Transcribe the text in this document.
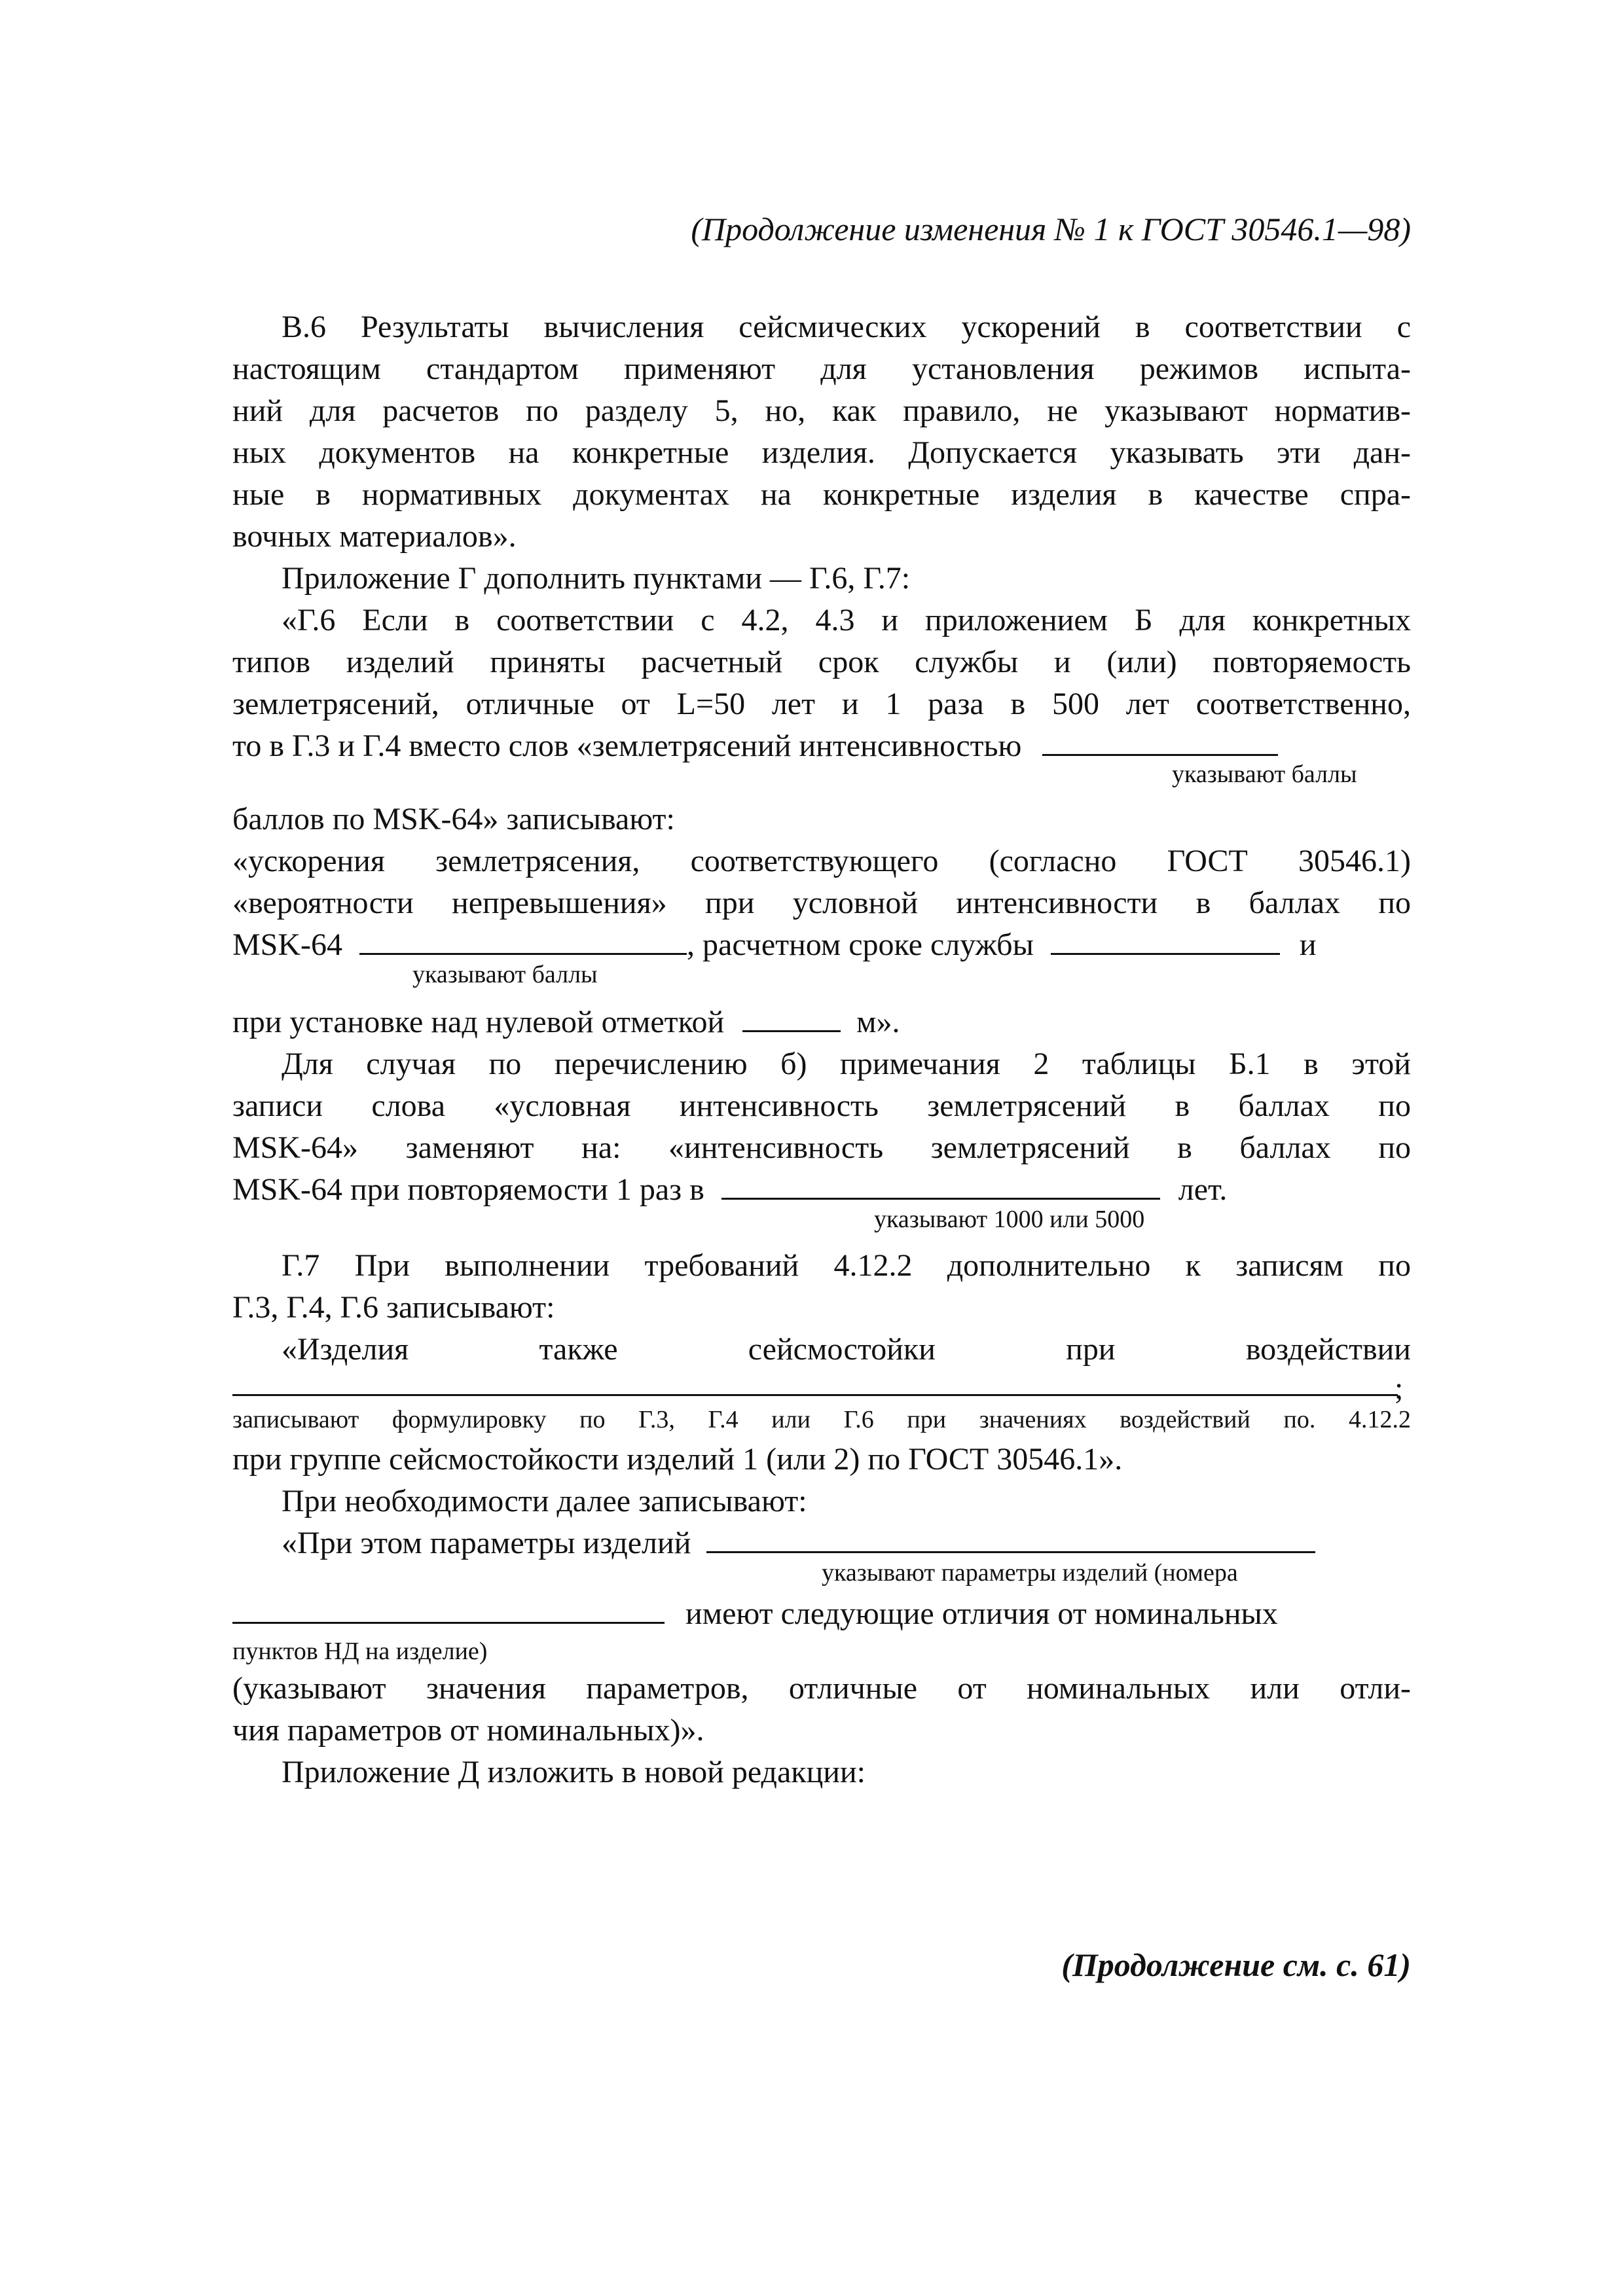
(Продолжение изменения № 1 к ГОСТ 30546.1—98)
В.6 Результаты вычисления сейсмических ускорений в соответствии с
настоящим стандартом применяют для установления режимов испыта-
ний для расчетов по разделу 5, но, как правило, не указывают норматив-
ных документов на конкретные изделия. Допускается указывать эти дан-
ные в нормативных документах на конкретные изделия в качестве спра-
вочных материалов».
Приложение Г дополнить пунктами — Г.6, Г.7:
«Г.6 Если в соответствии с 4.2, 4.3 и приложением Б для конкретных
типов изделий приняты расчетный срок службы и (или) повторяемость
землетрясений, отличные от L=50 лет и 1 раза в 500 лет соответственно,
то в Г.3 и Г.4 вместо слов «землетрясений интенсивностью
указывают баллы
баллов по MSK-64» записывают:
«ускорения землетрясения, соответствующего (согласно ГОСТ 30546.1)
«вероятности непревышения» при условной интенсивности в баллах по
MSK-64	, расчетном сроке службы	и
указывают баллы
при установке над нулевой отметкой	м».
Для случая по перечислению б) примечания 2 таблицы Б.1 в этой
записи слова «условная интенсивность землетрясений в баллах по
MSK-64» заменяют на: «интенсивность землетрясений в баллах по
MSK-64 при повторяемости 1 раз в	лет.
указывают 1000 или 5000
Г.7 При выполнении требований 4.12.2 дополнительно к записям по
Г.3, Г.4, Г.6 записывают:
«Изделия также сейсмостойки при воздействии
;
записывают формулировку по Г.3, Г.4 или Г.6 при значениях воздействий по. 4.12.2
при группе сейсмостойкости изделий 1 (или 2) по ГОСТ 30546.1».
При необходимости далее записывают:
«При этом параметры изделий
указывают параметры изделий (номера
имеют следующие отличия от номинальных
пунктов НД на изделие)
(указывают значения параметров, отличные от номинальных или отли-
чия параметров от номинальных)».
Приложение Д изложить в новой редакции:
(Продолжение см. с. 61)
